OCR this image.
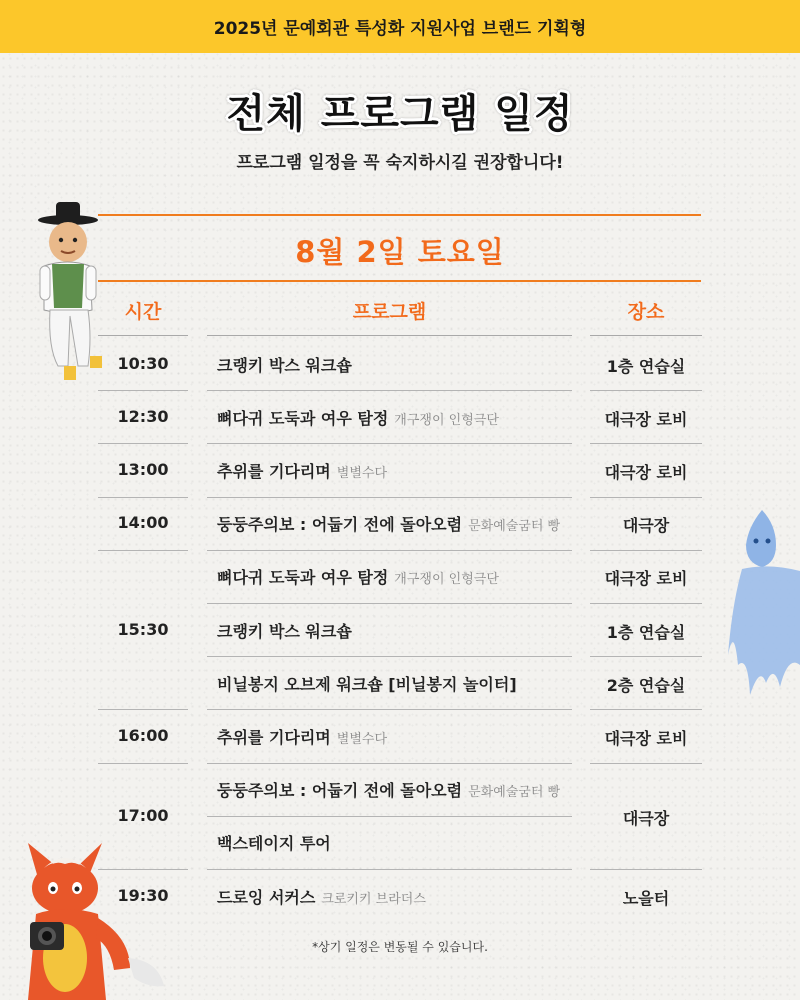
2025년 문예회관 특성화 지원사업 브랜드 기획형
전체 프로그램 일정
프로그램 일정을 꼭 숙지하시길 권장합니다!
8월 2일 토요일
시간	프로그램	장소
10:30
12:30
13:00
14:00
15:30
16:00
17:00
19:30
크랭키 박스 워크숍
뼈다귀 도둑과 여우 탐정 개구쟁이 인형극단
추위를 기다리며 별별수다
둥둥주의보 : 어둡기 전에 돌아오렴 문화예술굼터 빵
뼈다귀 도둑과 여우 탐정 개구쟁이 인형극단
크랭키 박스 워크숍
비닐봉지 오브제 워크숍 [비닐봉지 놀이터]
추위를 기다리며 별별수다
둥둥주의보 : 어둡기 전에 돌아오렴 문화예술굼터 빵
백스테이지 투어
드로잉 서커스 크로키키 브라더스
1층 연습실
대극장 로비
대극장 로비
대극장
대극장 로비
1층 연습실
2층 연습실
대극장 로비
대극장
노을터
*상기 일정은 변동될 수 있습니다.
